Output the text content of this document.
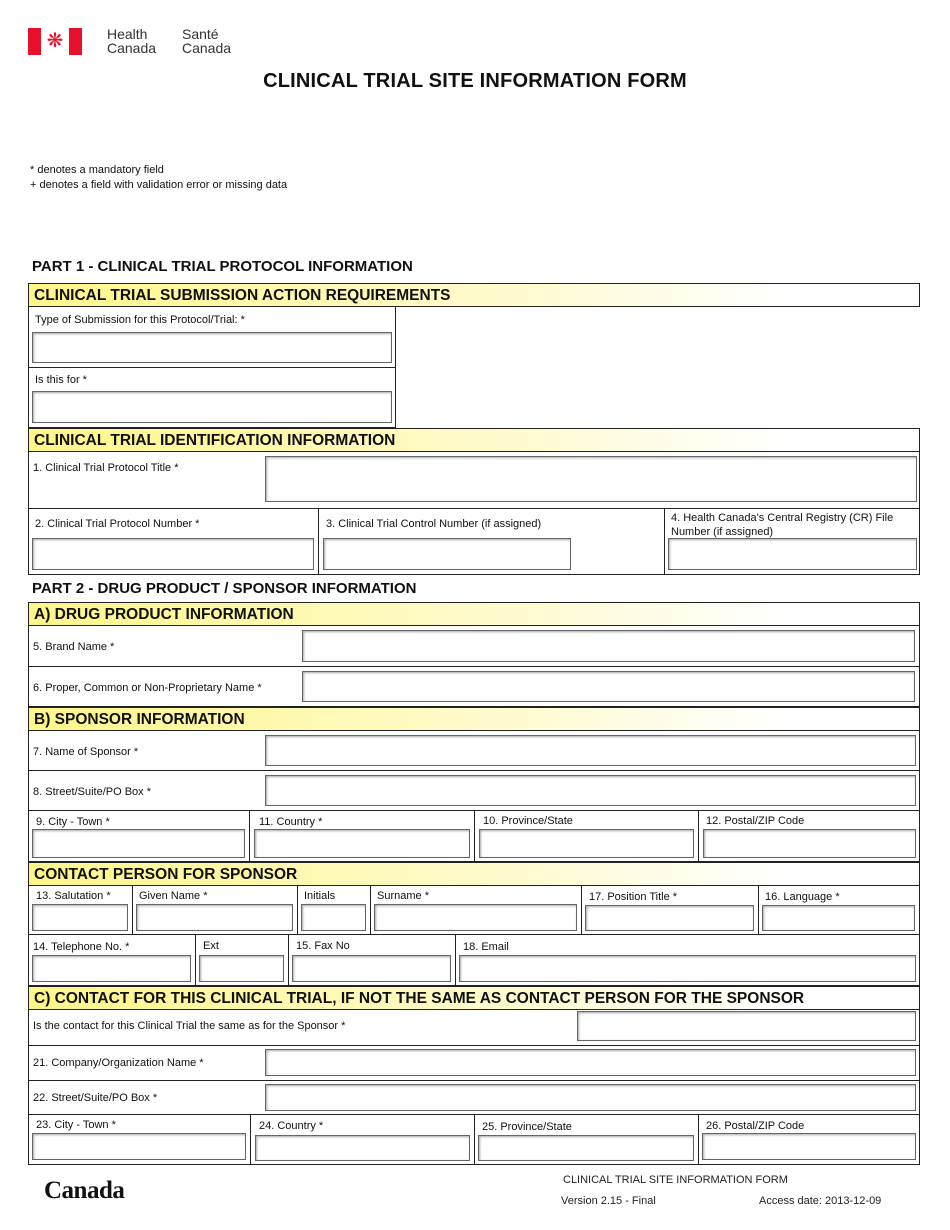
❋	Health
Canada
Santé
Canada
CLINICAL TRIAL SITE INFORMATION FORM
* denotes a mandatory field
+ denotes a field with validation error or missing data
PART 1 - CLINICAL TRIAL PROTOCOL INFORMATION
CLINICAL TRIAL SUBMISSION ACTION REQUIREMENTS
Type of Submission for this Protocol/Trial: *
Is this for *
CLINICAL TRIAL IDENTIFICATION INFORMATION
1. Clinical Trial Protocol Title *
2. Clinical Trial Protocol Number *	3. Clinical Trial Control Number (if assigned)	4. Health Canada's Central Registry (CR) File
Number (if assigned)
PART 2 - DRUG PRODUCT / SPONSOR INFORMATION
A) DRUG PRODUCT INFORMATION
5. Brand Name *
6. Proper, Common or Non-Proprietary Name *
B) SPONSOR INFORMATION
7. Name of Sponsor *
8. Street/Suite/PO Box *
9. City - Town *	11. Country *	10. Province/State	12. Postal/ZIP Code
CONTACT PERSON FOR SPONSOR
13. Salutation *	Given Name *	Initials	Surname *	17. Position Title *	16. Language *
14. Telephone No. *	Ext	15. Fax No	18. Email
C) CONTACT FOR THIS CLINICAL TRIAL, IF NOT THE SAME AS CONTACT PERSON FOR THE SPONSOR
Is the contact for this Clinical Trial the same as for the Sponsor *
21. Company/Organization Name *
22. Street/Suite/PO Box *
23. City - Town *	24. Country *	25. Province/State	26. Postal/ZIP Code
Canada	CLINICAL TRIAL SITE INFORMATION FORM
Version 2.15 - Final	Access date: 2013-12-09
